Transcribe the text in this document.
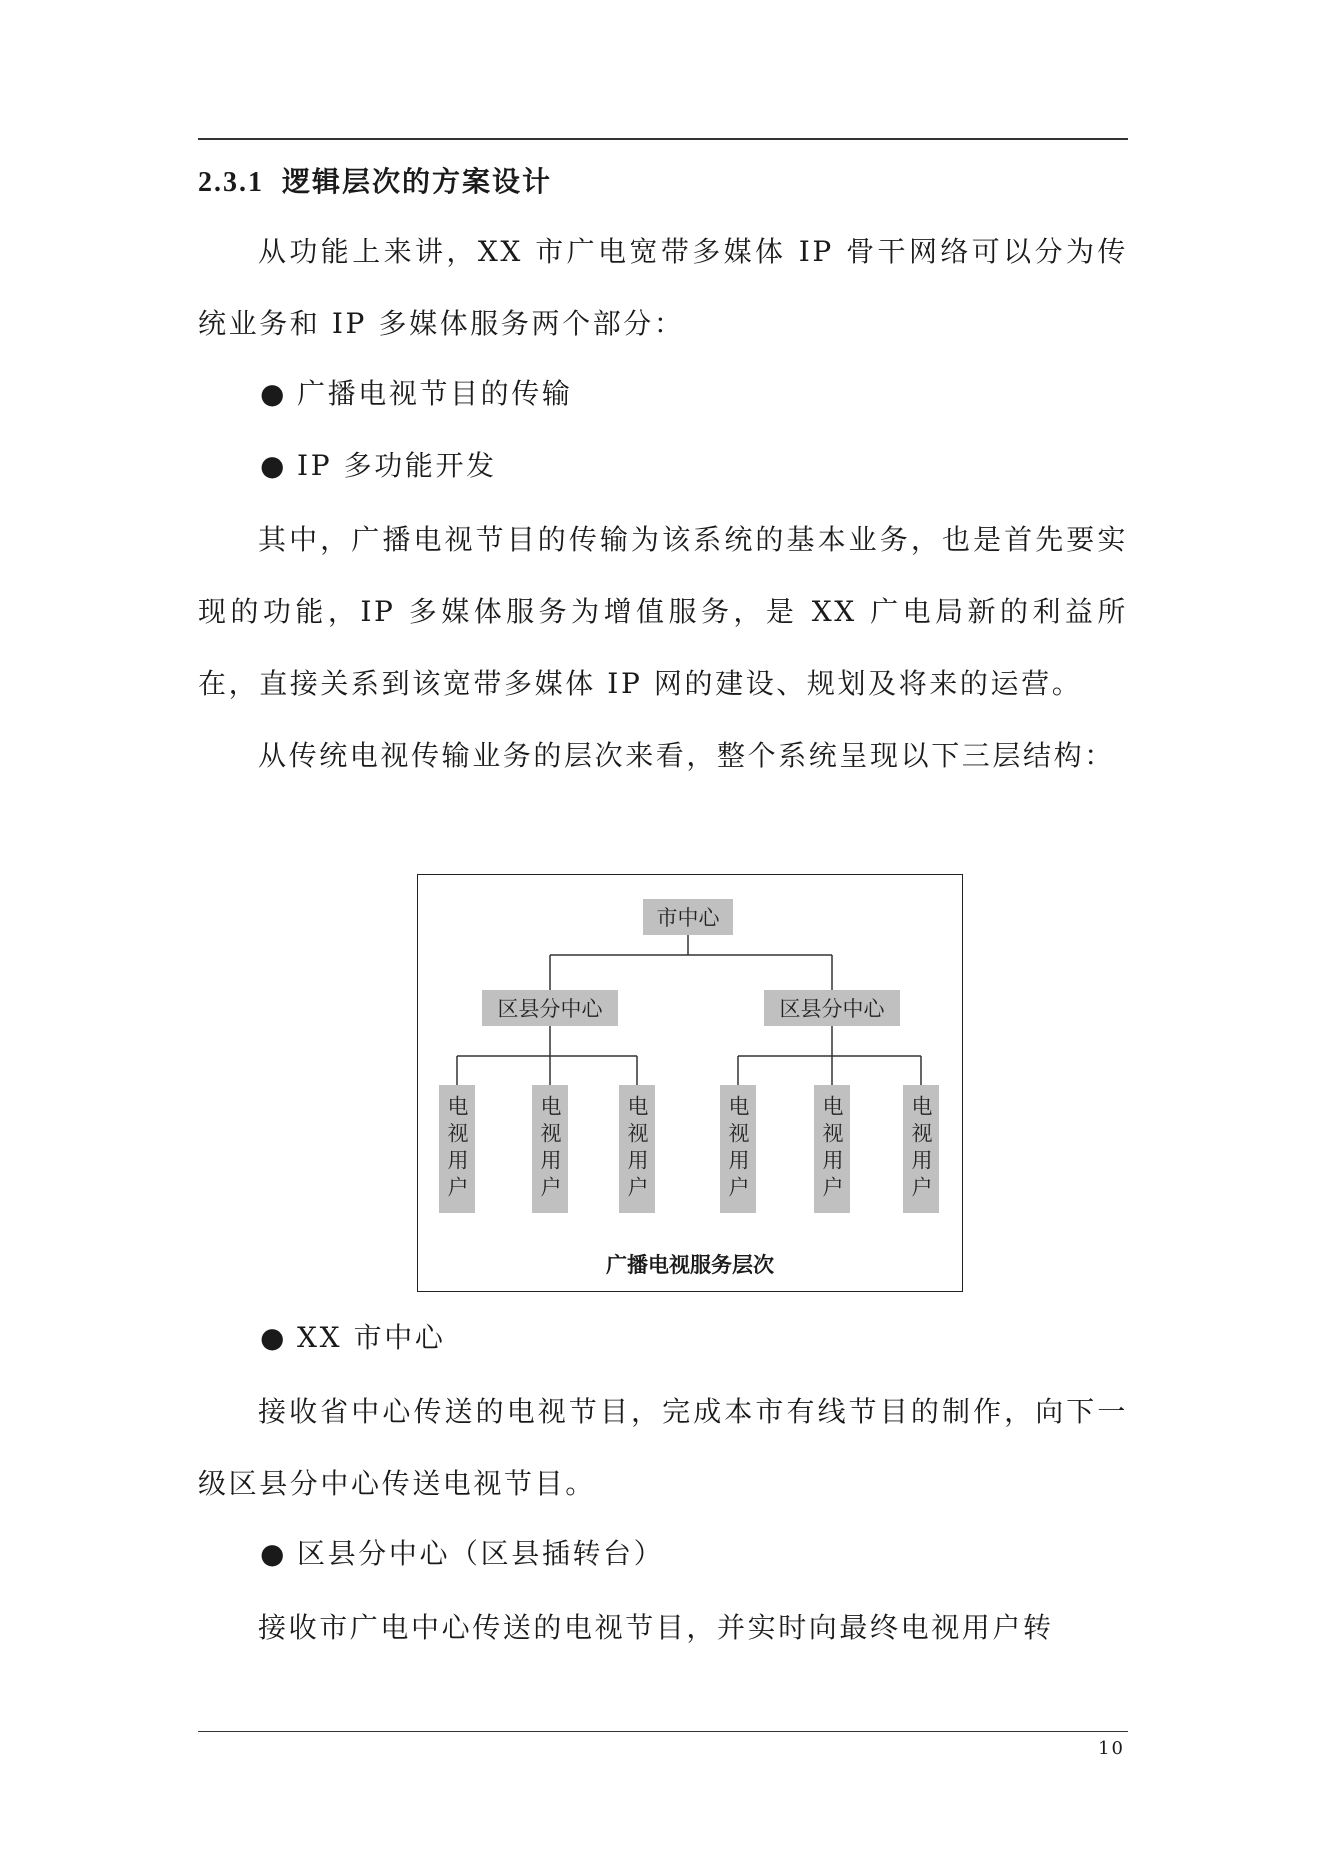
2.3.1 逻辑层次的方案设计

从功能上来讲，XX 市广电宽带多媒体 IP 骨干网络可以分为传统业务和 IP 多媒体服务两个部分：

● 广播电视节目的传输
● IP 多功能开发

其中，广播电视节目的传输为该系统的基本业务，也是首先要实现的功能，IP 多媒体服务为增值服务，是 XX 广电局新的利益所在，直接关系到该宽带多媒体 IP 网的建设、规划及将来的运营。

从传统电视传输业务的层次来看，整个系统呈现以下三层结构：

市中心
区县分中心	区县分中心
电视用户	电视用户	电视用户	电视用户	电视用户	电视用户
广播电视服务层次
● XX 市中心

接收省中心传送的电视节目，完成本市有线节目的制作，向下一级区县分中心传送电视节目。

● 区县分中心（区县插转台）

接收市广电中心传送的电视节目，并实时向最终电视用户转

10
